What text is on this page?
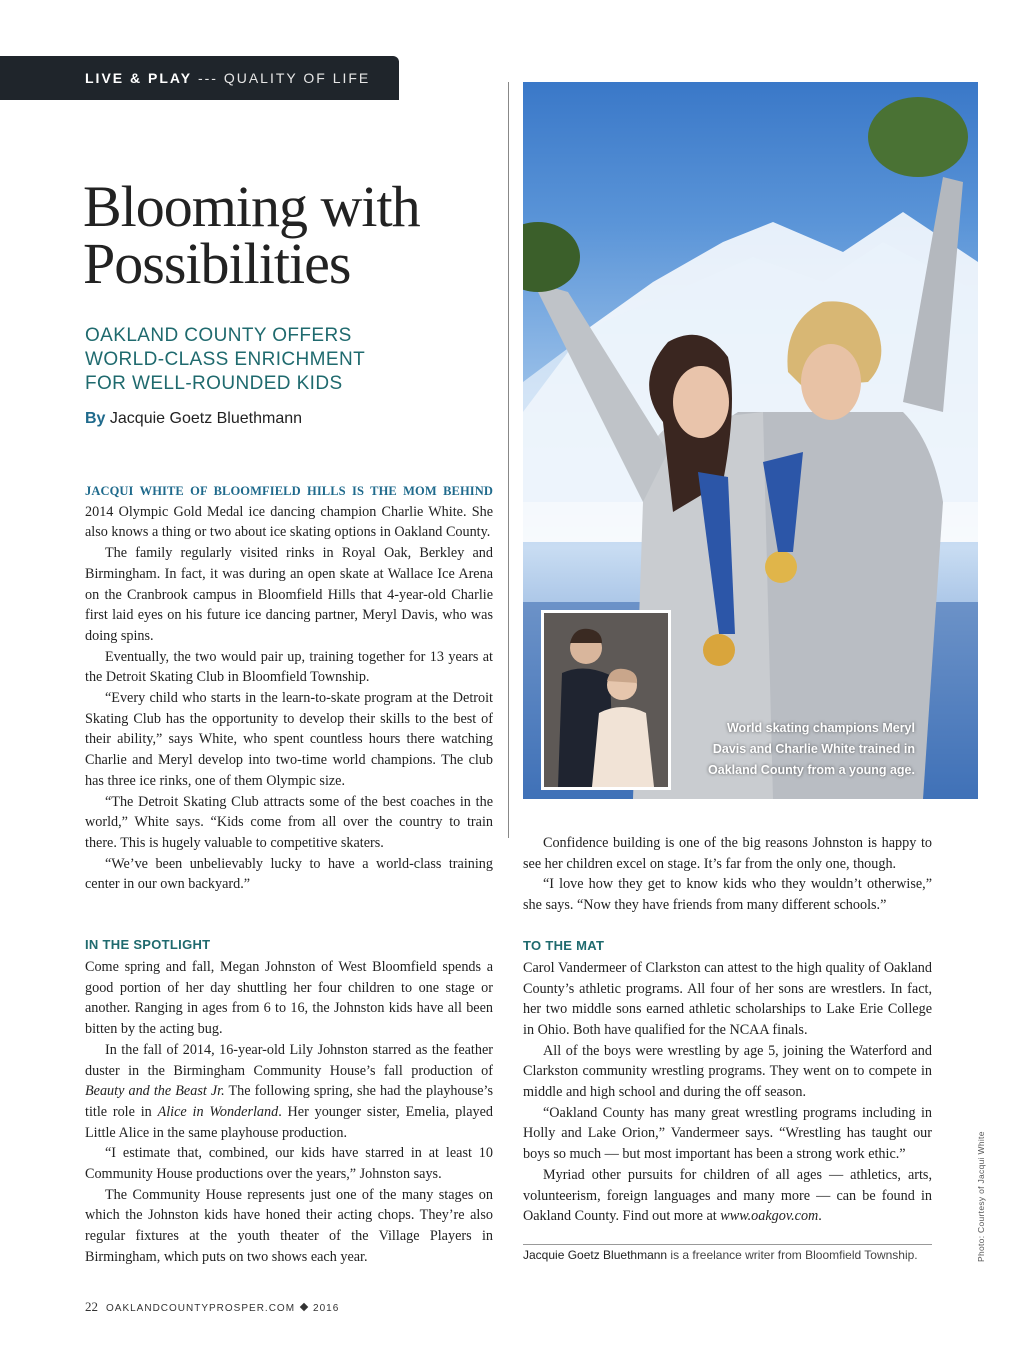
LIVE & PLAY --- QUALITY OF LIFE
Blooming with
Possibilities
OAKLAND COUNTY OFFERS
WORLD-CLASS ENRICHMENT
FOR WELL-ROUNDED KIDS
By Jacquie Goetz Bluethmann

JACQUI WHITE OF BLOOMFIELD HILLS IS THE MOM BEHIND 2014 Olympic Gold Medal ice dancing champion Charlie White. She also knows a thing or two about ice skating options in Oakland County.

The family regularly visited rinks in Royal Oak, Berkley and Birmingham. In fact, it was during an open skate at Wallace Ice Arena on the Cranbrook campus in Bloomfield Hills that 4-year-old Charlie first laid eyes on his future ice dancing partner, Meryl Davis, who was doing spins.

Eventually, the two would pair up, training together for 13 years at the Detroit Skating Club in Bloomfield Township.

“Every child who starts in the learn-to-skate program at the Detroit Skating Club has the opportunity to develop their skills to the best of their ability,” says White, who spent countless hours there watching Charlie and Meryl develop into two-time world champions. The club has three ice rinks, one of them Olympic size.

“The Detroit Skating Club attracts some of the best coaches in the world,” White says. “Kids come from all over the country to train there. This is hugely valuable to competitive skaters.

“We’ve been unbelievably lucky to have a world-class training center in our own backyard.”

IN THE SPOTLIGHT

Come spring and fall, Megan Johnston of West Bloomfield spends a good portion of her day shuttling her four children to one stage or another. Ranging in ages from 6 to 16, the Johnston kids have all been bitten by the acting bug.

In the fall of 2014, 16-year-old Lily Johnston starred as the feather duster in the Birmingham Community House’s fall production of Beauty and the Beast Jr. The following spring, she had the playhouse’s title role in Alice in Wonderland. Her younger sister, Emelia, played Little Alice in the same playhouse production.

“I estimate that, combined, our kids have starred in at least 10 Community House productions over the years,” Johnston says.

The Community House represents just one of the many stages on which the Johnston kids have honed their acting chops. They’re also regular fixtures at the youth theater of the Village Players in Birmingham, which puts on two shows each year.

World skating champions Meryl
Davis and Charlie White trained in
Oakland County from a young age.

Confidence building is one of the big reasons Johnston is happy to see her children excel on stage. It’s far from the only one, though.

“I love how they get to know kids who they wouldn’t otherwise,” she says. “Now they have friends from many different schools.”

TO THE MAT

Carol Vandermeer of Clarkston can attest to the high quality of Oakland County’s athletic programs. All four of her sons are wrestlers. In fact, her two middle sons earned athletic scholarships to Lake Erie College in Ohio. Both have qualified for the NCAA finals.

All of the boys were wrestling by age 5, joining the Waterford and Clarkston community wrestling programs. They went on to compete in middle and high school and during the off season.

“Oakland County has many great wrestling programs including in Holly and Lake Orion,” Vandermeer says. “Wrestling has taught our boys so much — but most important has been a strong work ethic.”

Myriad other pursuits for children of all ages — athletics, arts, volunteerism, foreign languages and many more — can be found in Oakland County. Find out more at www.oakgov.com.

Jacquie Goetz Bluethmann is a freelance writer from Bloomfield Township.	Photo: Courtesy of Jacqui White
22 OAKLANDCOUNTYPROSPER.COM 2016
